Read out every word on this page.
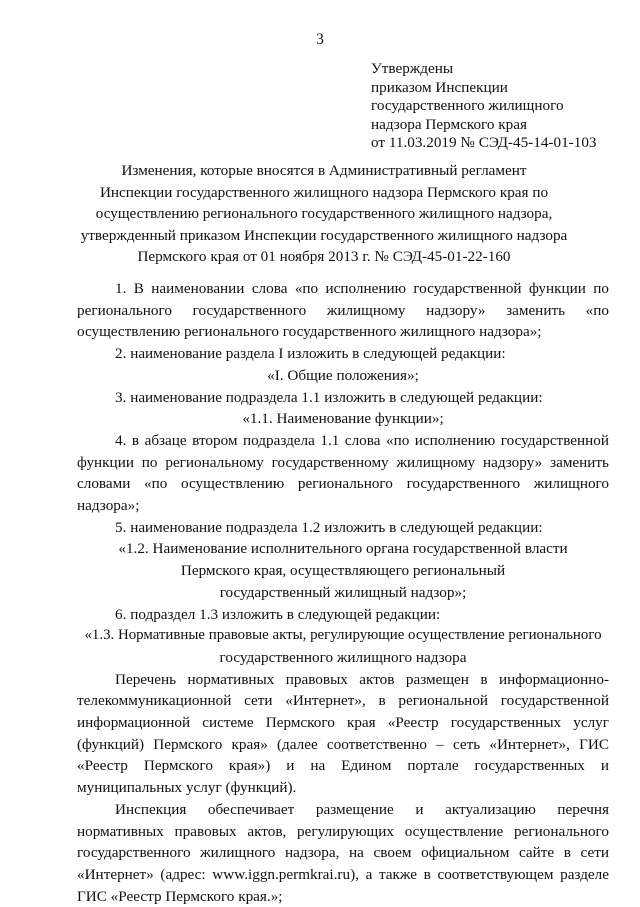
3
Утверждены
приказом Инспекции
государственного жилищного
надзора Пермского края
от 11.03.2019 № СЭД-45-14-01-103
Изменения, которые вносятся в Административный регламент
Инспекции государственного жилищного надзора Пермского края по
осуществлению регионального государственного жилищного надзора,
утвержденный приказом Инспекции государственного жилищного надзора
Пермского края от 01 ноября 2013 г. № СЭД-45-01-22-160

1. В наименовании слова «по исполнению государственной функции по регионального государственного жилищному надзору» заменить «по осуществлению регионального государственного жилищного надзора»;

2. наименование раздела I изложить в следующей редакции:

«I. Общие положения»;

3. наименование подраздела 1.1 изложить в следующей редакции:

«1.1. Наименование функции»;

4. в абзаце втором подраздела 1.1 слова «по исполнению государственной функции по региональному государственному жилищному надзору» заменить словами «по осуществлению регионального государственного жилищного надзора»;

5. наименование подраздела 1.2 изложить в следующей редакции:

«1.2. Наименование исполнительного органа государственной власти

Пермского края, осуществляющего региональный

государственный жилищный надзор»;

6. подраздел 1.3 изложить в следующей редакции:

«1.3. Нормативные правовые акты, регулирующие осуществление регионального

государственного жилищного надзора

Перечень нормативных правовых актов размещен в информационно-телекоммуникационной сети «Интернет», в региональной государственной информационной системе Пермского края «Реестр государственных услуг (функций) Пермского края» (далее соответственно – сеть «Интернет», ГИС «Реестр Пермского края») и на Едином портале государственных и муниципальных услуг (функций).

Инспекция обеспечивает размещение и актуализацию перечня нормативных правовых актов, регулирующих осуществление регионального государственного жилищного надзора, на своем официальном сайте в сети «Интернет» (адрес: www.iggn.permkrai.ru), а также в соответствующем разделе ГИС «Реестр Пермского края.»;
